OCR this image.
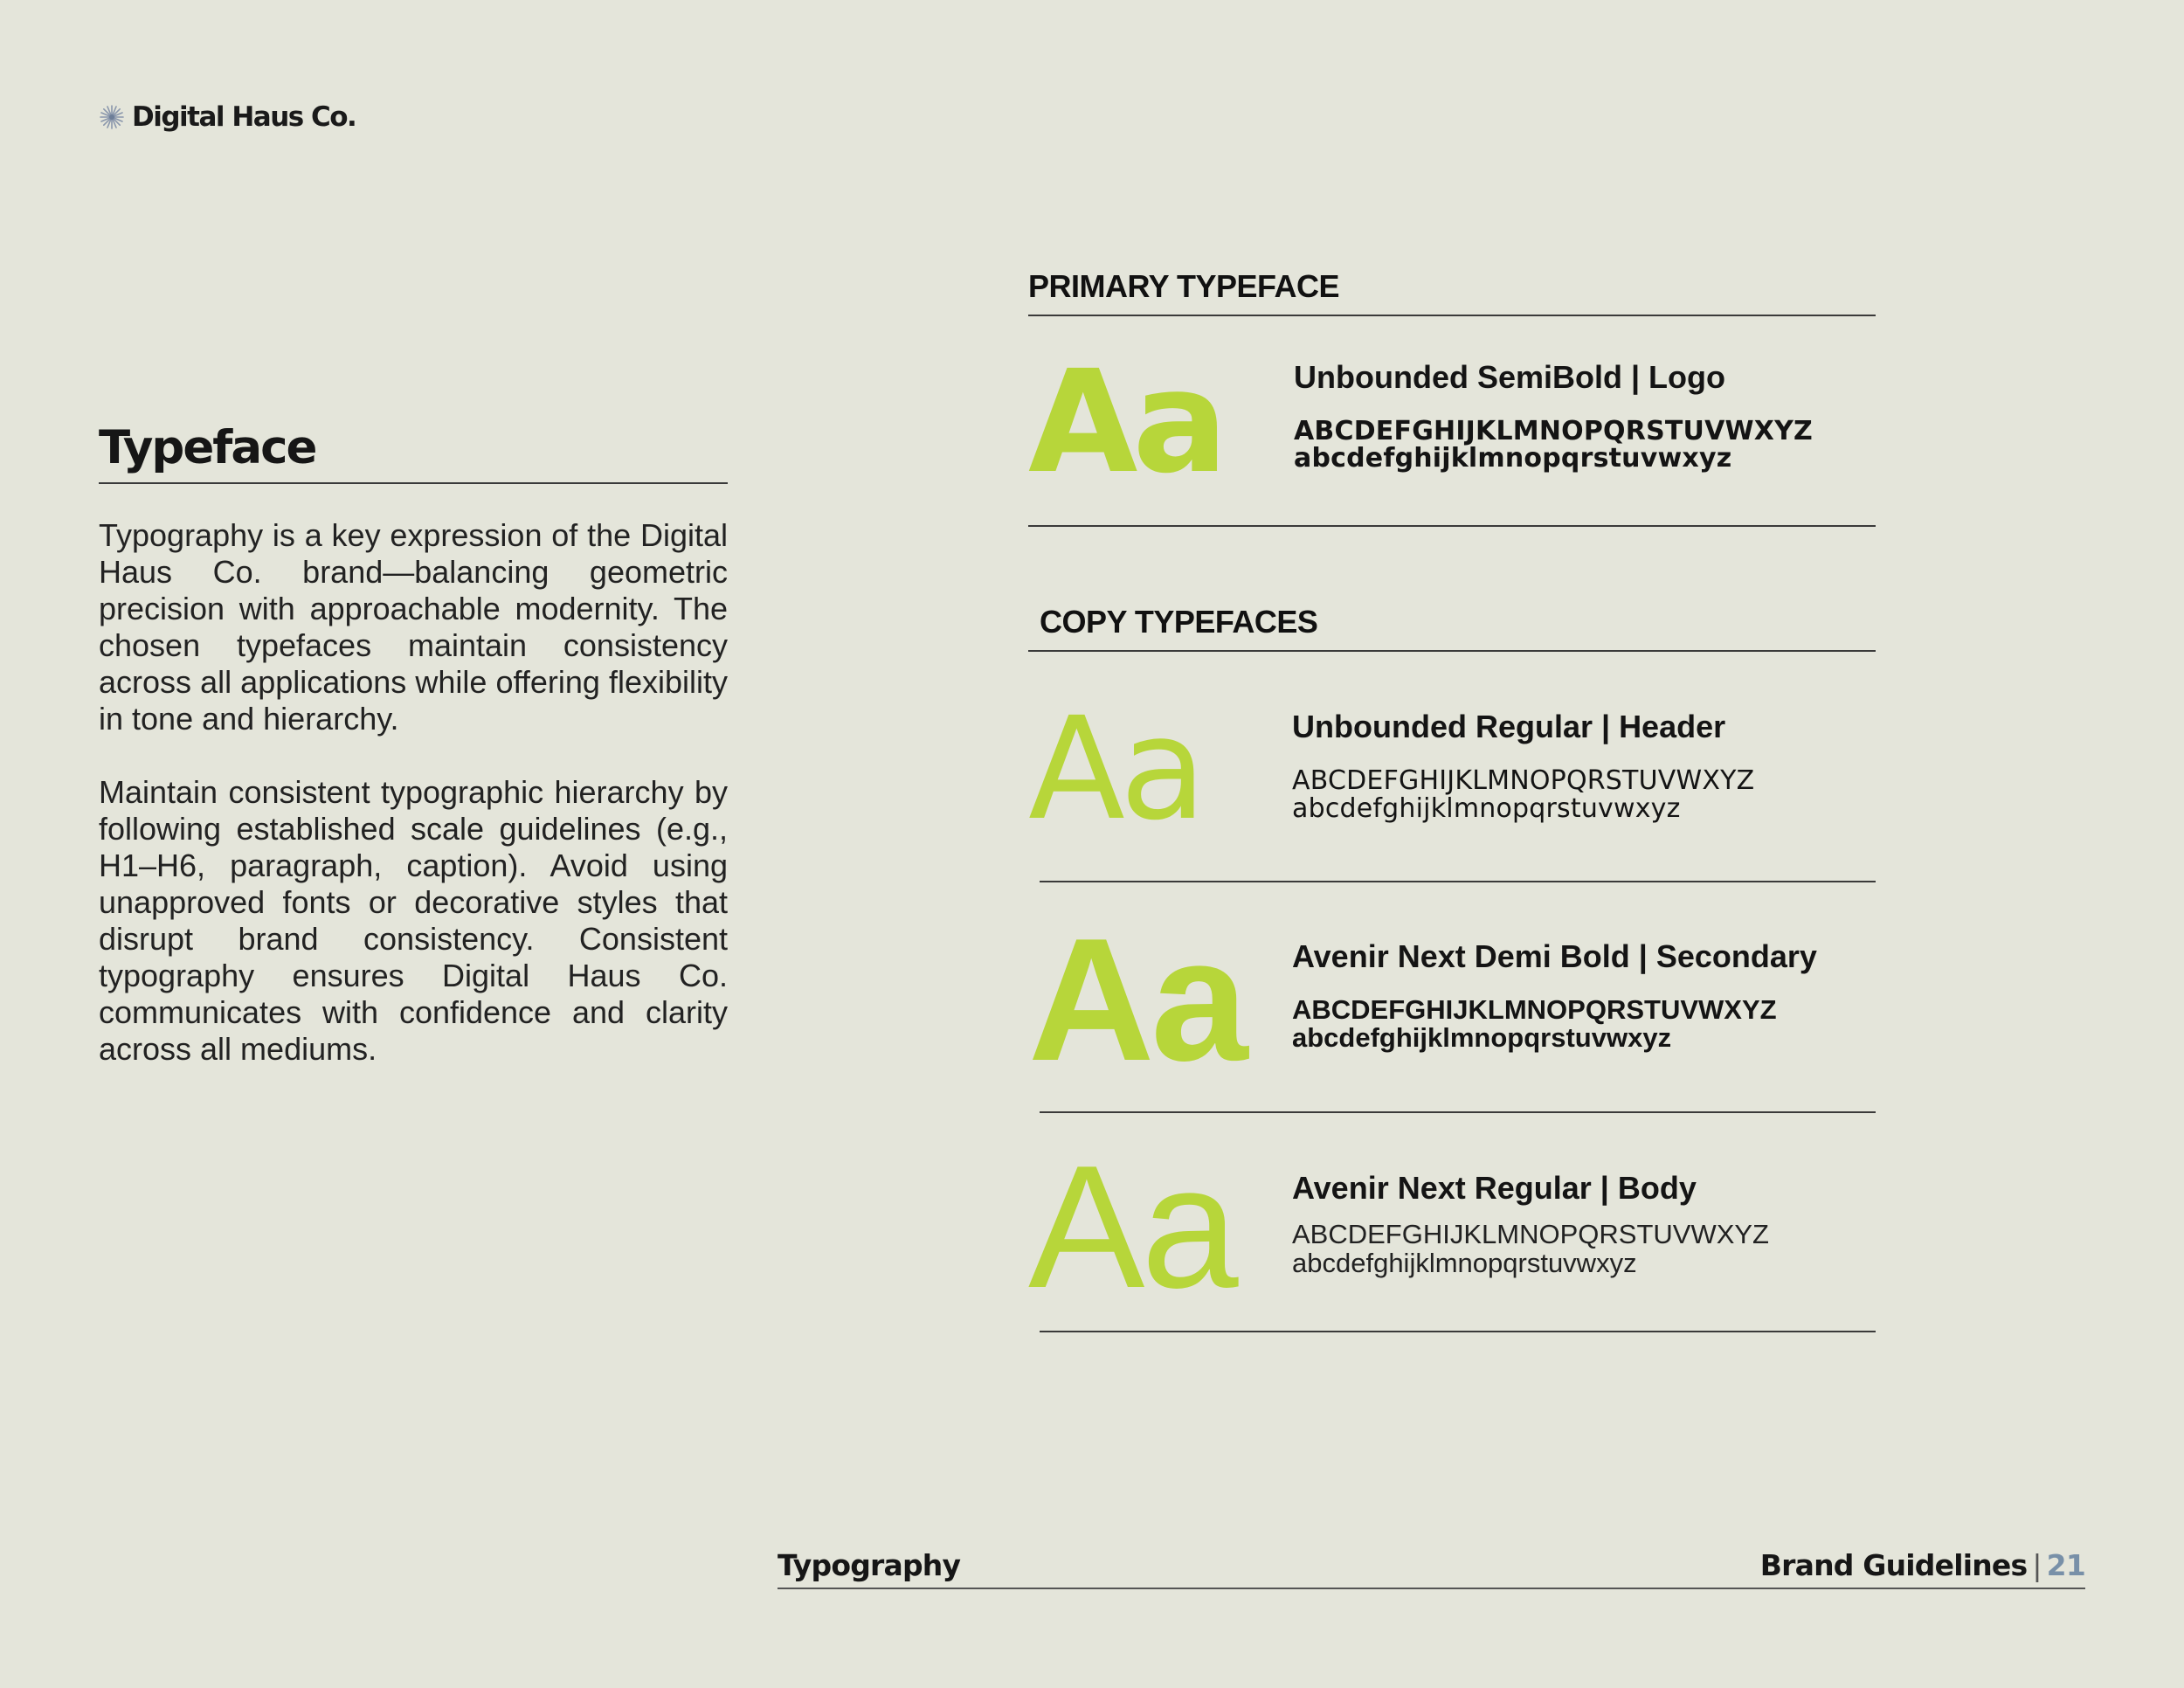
Digital Haus Co.
Typeface

Typography is a key expression of the Digital Haus Co. brand—balancing geometric precision with approachable modernity. The chosen typefaces maintain consistency across all applications while offering flexibility in tone and hierarchy.

Maintain consistent typographic hierarchy by following established scale guidelines (e.g., H1–H6, paragraph, caption). Avoid using unapproved fonts or decorative styles that disrupt brand consistency. Consistent typography ensures Digital Haus Co. communicates with confidence and clarity across all mediums.

PRIMARY TYPEFACE
Aa Unbounded SemiBold | Logo
ABCDEFGHIJKLMNOPQRSTUVWXYZ
abcdefghijklmnopqrstuvwxyz
COPY TYPEFACES
Aa	Unbounded Regular | Header
ABCDEFGHIJKLMNOPQRSTUVWXYZ
abcdefghijklmnopqrstuvwxyz
Aa Avenir Next Demi Bold | Secondary
ABCDEFGHIJKLMNOPQRSTUVWXYZ
abcdefghijklmnopqrstuvwxyz
Aa Avenir Next Regular | Body
ABCDEFGHIJKLMNOPQRSTUVWXYZ
abcdefghijklmnopqrstuvwxyz
Typography	Brand Guidelines | 21
